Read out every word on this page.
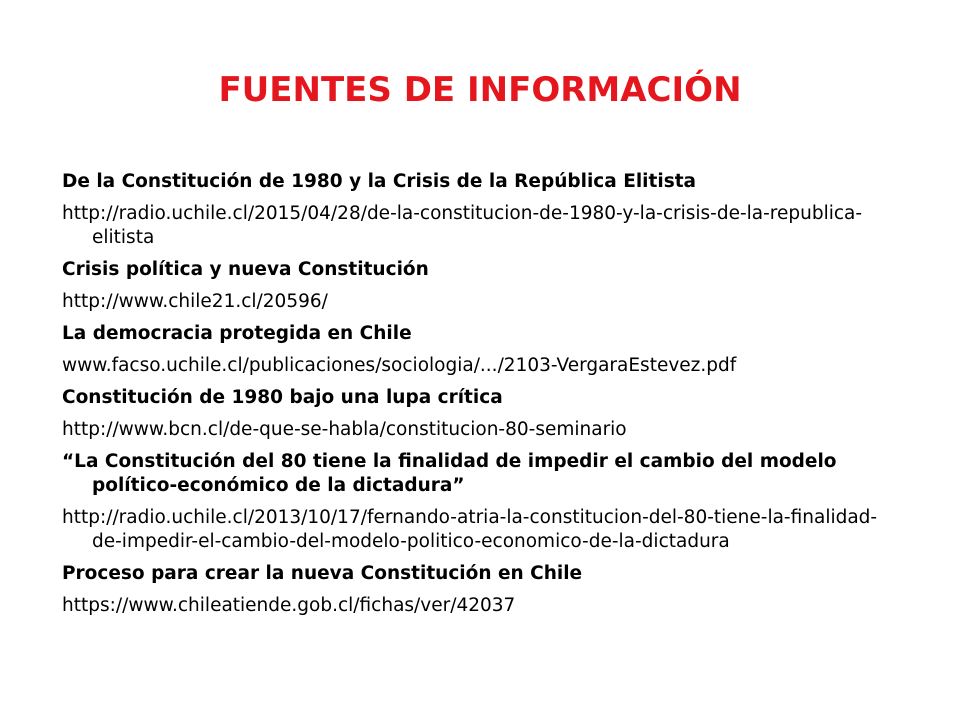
FUENTES DE INFORMACIÓN

De la Constitución de 1980 y la Crisis de la República Elitista

http://radio.uchile.cl/2015/04/28/de-la-constitucion-de-1980-y-la-crisis-de-la-republica-elitista

Crisis política y nueva Constitución

http://www.chile21.cl/20596/

La democracia protegida en Chile

www.facso.uchile.cl/publicaciones/sociologia/.../2103-VergaraEstevez.pdf

Constitución de 1980 bajo una lupa crítica

http://www.bcn.cl/de-que-se-habla/constitucion-80-seminario

“La Constitución del 80 tiene la finalidad de impedir el cambio del modelo político-económico de la dictadura”

http://radio.uchile.cl/2013/10/17/fernando-atria-la-constitucion-del-80-tiene-la-finalidad-de-impedir-el-cambio-del-modelo-politico-economico-de-la-dictadura

Proceso para crear la nueva Constitución en Chile

https://www.chileatiende.gob.cl/fichas/ver/42037
